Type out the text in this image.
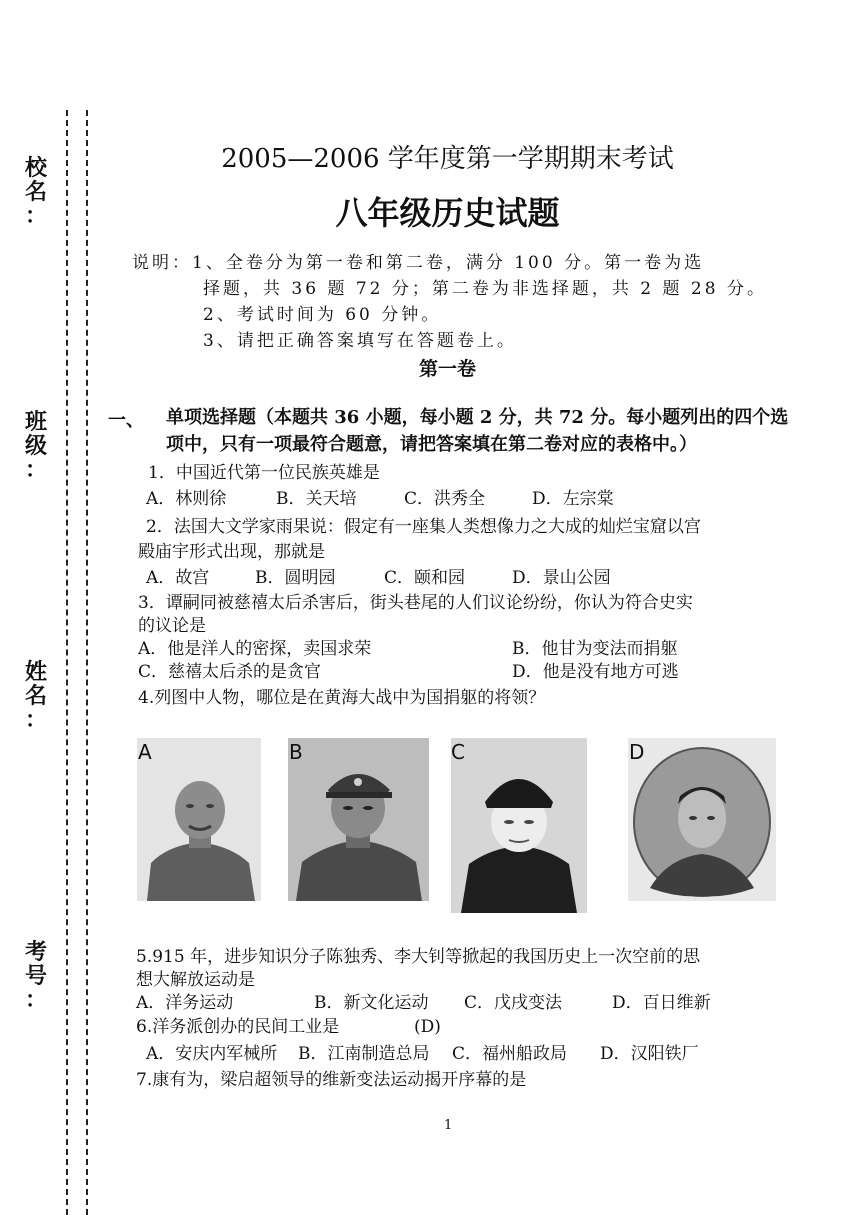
校
名
：
班
级
：
姓
名
：
考
号
：
2005—2006 学年度第一学期期末考试
八年级历史试题
说明：1、全卷分为第一卷和第二卷，满分 100 分。第一卷为选
择题，共 36 题 72 分；第二卷为非选择题，共 2 题 28 分。
2、考试时间为 60 分钟。
3、请把正确答案填写在答题卷上。
第一卷
一、 单项选择题（本题共 36 小题，每小题 2 分，共 72 分。每小题列出的四个选项中，只有一项最符合题意，请把答案填在第二卷对应的表格中。）
1．中国近代第一位民族英雄是
A．林则徐	B．关天培	C．洪秀全	D．左宗棠
2．法国大文学家雨果说：假定有一座集人类想像力之大成的灿烂宝窟以宫
殿庙宇形式出现，那就是
A．故宫	B．圆明园	C．颐和园	D．景山公园
3．谭嗣同被慈禧太后杀害后，街头巷尾的人们议论纷纷，你认为符合史实
的议论是
A．他是洋人的密探，卖国求荣	B．他甘为变法而捐躯
C．慈禧太后杀的是贪官	D．他是没有地方可逃
4.列图中人物，哪位是在黄海大战中为国捐躯的将领？
A	B	C	D
5.915 年，进步知识分子陈独秀、李大钊等掀起的我国历史上一次空前的思
想大解放运动是
A．洋务运动	B．新文化运动 C．戊戌变法	D．百日维新
6.洋务派创办的民间工业是	(D)
A．安庆内军械所 B．江南制造总局 C．福州船政局 D．汉阳铁厂
7.康有为，梁启超领导的维新变法运动揭开序幕的是
1
